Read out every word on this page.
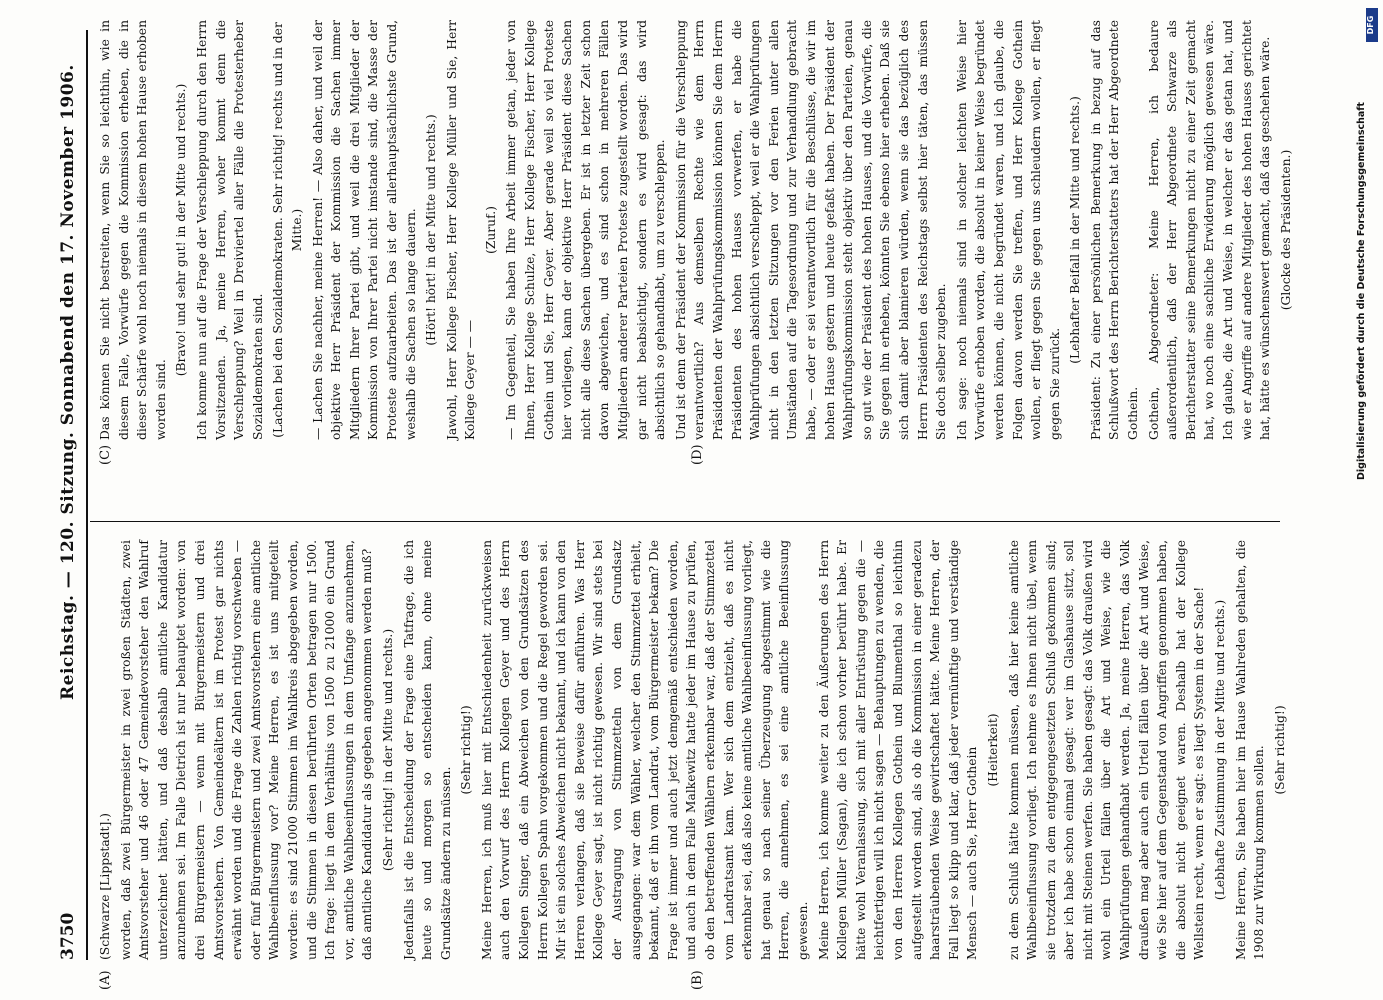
3750
Reichstag. — 120. Sitzung. Sonnabend den 17. November 1906.
(A)	(B)
(C)	(D)

(Schwarze [Lippstadt].) worden, daß zwei Bürgermeister in zwei großen Städten, zwei Amtsvorsteher und 46 oder 47 Gemeindevorsteher den Wahlruf unterzeichnet hätten, und daß deshalb amtliche Kandidatur anzunehmen sei. Im Falle Dietrich ist nur behauptet worden: von drei Bürgermeistern — wenn mit Bürgermeistern und drei Amtsvorstehern. Von Gemeindeältern ist im Protest gar nichts erwähnt worden und die Frage die Zahlen richtig vorschweben — oder fünf Bürgermeistern und zwei Amtsvorstehern eine amtliche Wahlbeeinflussung vor? Meine Herren, es ist uns mitgeteilt worden: es sind 21000 Stimmen im Wahlkreis abgegeben worden, und die Stimmen in diesen berührten Orten betragen nur 1500. Ich frage: liegt in dem Verhältnis von 1500 zu 21000 ein Grund vor, amtliche Wahlbeeinflussungen in dem Umfange anzunehmen, daß amtliche Kandidatur als gegeben angenommen werden muß? (Sehr richtig! in der Mitte und rechts.) Jedenfalls ist die Entscheidung der Frage eine Tatfrage, die ich heute so und morgen so entscheiden kann, ohne meine Grundsätze ändern zu müssen.

(Sehr richtig!) Meine Herren, ich muß hier mit Entschiedenheit zurückweisen auch den Vorwurf des Herrn Kollegen Geyer und des Herrn Kollegen Singer, daß ein Abweichen von den Grundsätzen des Herrn Kollegen Spahn vorgekommen und die Regel geworden sei. Mir ist ein solches Abweichen nicht bekannt, und ich kann von den Herren verlangen, daß sie Beweise dafür anführen. Was Herr Kollege Geyer sagt, ist nicht richtig gewesen. Wir sind stets bei der Austragung von Stimmzetteln von dem Grundsatz ausgegangen: war dem Wähler, welcher den Stimmzettel erhielt, bekannt, daß er ihn vom Landrat, vom Bürgermeister bekam? Die Frage ist immer und auch jetzt demgemäß entschieden worden, und auch in dem Falle Malkewitz hatte jeder im Hause zu prüfen, ob den betreffenden Wählern erkennbar war, daß der Stimmzettel vom Landratsamt kam. Wer sich dem entzieht, daß es nicht erkennbar sei, daß also keine amtliche Wahlbeeinflussung vorliegt, hat genau so nach seiner Überzeugung abgestimmt wie die Herren, die annehmen, es sei eine amtliche Beeinflussung gewesen. Meine Herren, ich komme weiter zu den Äußerungen des Herrn Kollegen Müller (Sagan), die ich schon vorher berührt habe. Er hätte wohl Veranlassung, sich mit aller Entrüstung gegen die — leichtfertigen will ich nicht sagen — Behauptungen zu wenden, die von den Herren Kollegen Gothein und Blumenthal so leichthin aufgestellt worden sind, als ob die Kommission in einer geradezu haarsträubenden Weise gewirtschaftet hätte. Meine Herren, der Fall liegt so klipp und klar, daß jeder vernünftige und verständige Mensch — auch Sie, Herr Gothein (Heiterkeit) zu dem Schluß hätte kommen müssen, daß hier keine amtliche Wahlbeeinflussung vorliegt. Ich nehme es Ihnen nicht übel, wenn sie trotzdem zu dem entgegengesetzten Schluß gekommen sind; aber ich habe schon einmal gesagt: wer im Glashause sitzt, soll nicht mit Steinen werfen. Sie haben gesagt: das Volk draußen wird wohl ein Urteil fällen über die Art und Weise, wie die Wahlprüfungen gehandhabt werden. Ja, meine Herren, das Volk draußen mag aber auch ein Urteil fällen über die Art und Weise, wie Sie hier auf dem Gegenstand von Angriffen genommen haben, die absolut nicht geeignet waren. Deshalb hat der Kollege Wellstein recht, wenn er sagt: es liegt System in der Sache! (Lebhafte Zustimmung in der Mitte und rechts.) Meine Herren, Sie haben hier im Hause Wahlreden gehalten, die 1908 zur Wirkung kommen sollen. (Sehr richtig!)

Das können Sie nicht bestreiten, wenn Sie so leichthin, wie in diesem Falle, Vorwürfe gegen die Kommission erheben, die in dieser Schärfe wohl noch niemals in diesem hohen Hause erhoben worden sind.

(Bravo! und sehr gut! in der Mitte und rechts.) Ich komme nun auf die Frage der Verschleppung durch den Herrn Vorsitzenden. Ja, meine Herren, woher kommt denn die Verschleppung? Weil in Dreiviertel aller Fälle die Protesterheber Sozialdemokraten sind. (Lachen bei den Sozialdemokraten. Sehr richtig! rechts und in der Mitte.) — Lachen Sie nachher, meine Herren! — Also daher, und weil der objektive Herr Präsident der Kommission die Sachen immer Mitgliedern Ihrer Partei gibt, und weil die drei Mitglieder der Kommission von Ihrer Partei nicht imstande sind, die Masse der Proteste aufzuarbeiten. Das ist der allerhauptsächlichste Grund, weshalb die Sachen so lange dauern. (Hört! hört! in der Mitte und rechts.) Jawohl, Herr Kollege Fischer, Herr Kollege Müller und Sie, Herr Kollege Geyer — —

(Zuruf.) — Im Gegenteil, Sie haben Ihre Arbeit immer getan, jeder von Ihnen, Herr Kollege Schulze, Herr Kollege Fischer, Herr Kollege Gothein und Sie, Herr Geyer. Aber gerade weil so viel Proteste hier vorliegen, kann der objektive Herr Präsident diese Sachen nicht alle diese Sachen übergeben. Er ist in letzter Zeit schon davon abgewichen, und es sind schon in mehreren Fällen Mitgliedern anderer Parteien Proteste zugestellt worden. Das wird gar nicht beabsichtigt, sondern es wird gesagt: das wird absichtlich so gehandhabt, um zu verschleppen. Und ist denn der Präsident der Kommission für die Verschleppung verantwortlich? Aus demselben Rechte wie dem Herrn Präsidenten der Wahlprüfungskommission können Sie dem Herrn Präsidenten des hohen Hauses vorwerfen, er habe die Wahlprüfungen absichtlich verschleppt, weil er die Wahlprüfungen nicht in den letzten Sitzungen vor den Ferien unter allen Umständen auf die Tagesordnung und zur Verhandlung gebracht habe, — oder er sei verantwortlich für die Beschlüsse, die wir im hohen Hause gestern und heute gefaßt haben. Der Präsident der Wahlprüfungskommission steht objektiv über den Parteien, genau so gut wie der Präsident des hohen Hauses, und die Vorwürfe, die Sie gegen ihn erheben, könnten Sie ebenso hier erheben. Daß sie sich damit aber blamieren würden, wenn sie das bezüglich des Herrn Präsidenten des Reichstags selbst hier täten, das müssen Sie doch selber zugeben. Ich sage: noch niemals sind in solcher leichten Weise hier Vorwürfe erhoben worden, die absolut in keiner Weise begründet werden können, die nicht begründet waren, und ich glaube, die Folgen davon werden Sie treffen, und Herr Kollege Gothein wollen, er fliegt gegen Sie gegen uns schleudern wollen, er fliegt gegen Sie zurück.

(Lebhafter Beifall in der Mitte und rechts.) Präsident: Zu einer persönlichen Bemerkung in bezug auf das Schlußwort des Herrn Berichterstatters hat der Herr Abgeordnete Gothein. Gothein, Abgeordneter: Meine Herren, ich bedaure außerordentlich, daß der Herr Abgeordnete Schwarze als Berichterstatter seine Bemerkungen nicht zu einer Zeit gemacht hat, wo noch eine sachliche Erwiderung möglich gewesen wäre. Ich glaube, die Art und Weise, in welcher er das getan hat, und wie er Angriffe auf andere Mitglieder des hohen Hauses gerichtet hat, hätte es wünschenswert gemacht, daß das geschehen wäre. (Glocke des Präsidenten.)

DFG
Digitalisierung gefördert durch die Deutsche Forschungsgemeinschaft
